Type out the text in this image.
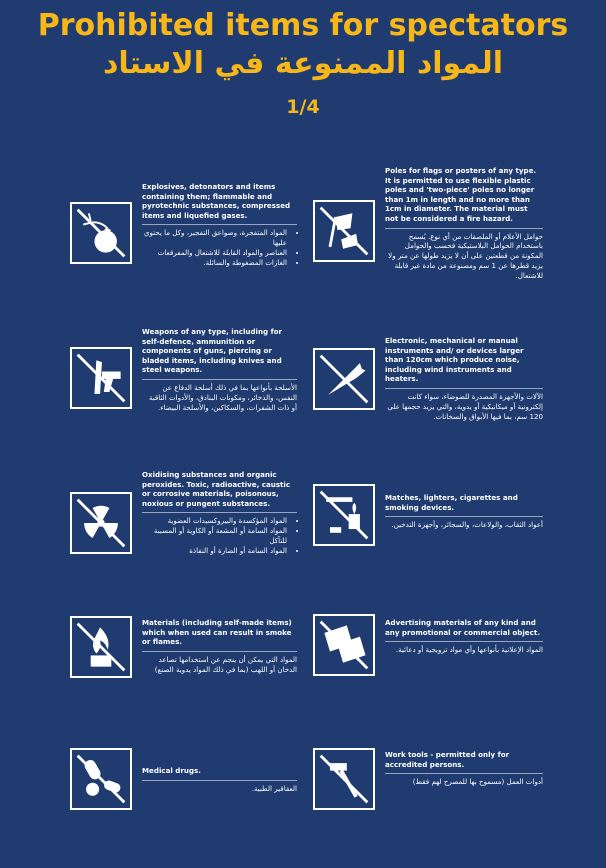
Prohibited items for spectators
المواد الممنوعة في الاستاد
1/4
Explosives, detonators and items containing them; flammable and pyrotechnic substances, compressed items and liquefied gases.
• المواد المتفجرة، وصواعق التفجير، وكل ما يحتوي عليها
• العناصر والمواد القابلة للاشتعال والمفرقعات
• الغازات المضغوطة والسائلة.
Poles for flags or posters of any type. It is permitted to use flexible plastic poles and 'two-piece' poles no longer than 1m in length and no more than 1cm in diameter. The material must not be considered a fire hazard.
حوامل الأعلام أو الملصقات من أي نوع. يُسمح باستخدام الحوامل البلاستيكية فحسب والحوامل المكونة من قطعتين على أن لا يزيد طولها عن متر ولا يزيد قطرها عن 1 سم ومصنوعة من مادة غير قابلة للاشتعال.
Weapons of any type, including for self-defence, ammunition or components of guns, piercing or bladed items, including knives and steel weapons.
الأسلحة بأنواعها بما في ذلك أسلحة الدفاع عن النفس، والذخائر، ومكونات البنادق، والأدوات الثاقبة أو ذات الشفرات، والسكاكين، والأسلحة البيضاء.
Electronic, mechanical or manual instruments and/ or devices larger than 120cm which produce noise, including wind instruments and heaters.
الآلات والأجهزة المصدرة للضوضاء، سواء كانت إلكترونية أو ميكانيكية أو يدوية، والتي يزيد حجمها على 120 سم، بما فيها الأبواق والسخانات.
Oxidising substances and organic peroxides. Toxic, radioactive, caustic or corrosive materials, poisonous, noxious or pungent substances.
• المواد المؤكسدة والبيروكسيدات العضوية
• المواد السامة أو المشعة أو الكاوية أو المسببة للتآكل
• المواد السامة أو الضارة أو النفاذة
Matches, lighters, cigarettes and smoking devices.
أعواد الثقاب، والولاعات، والسجائر، وأجهزة التدخين.
Materials (including self-made items) which when used can result in smoke or flames.
المواد التي يمكن أن ينجم عن استخدامها تصاعد الدخان أو اللهب (بما في ذلك المواد يدوية الصنع)
Advertising materials of any kind and any promotional or commercial object.
المواد الإعلانية بأنواعها وأي مواد ترويجية أو دعائية.
Medical drugs.
العقاقير الطبية.
Work tools - permitted only for accredited persons.
أدوات العمل (مسموح بها للمصرح لهم فقط)
